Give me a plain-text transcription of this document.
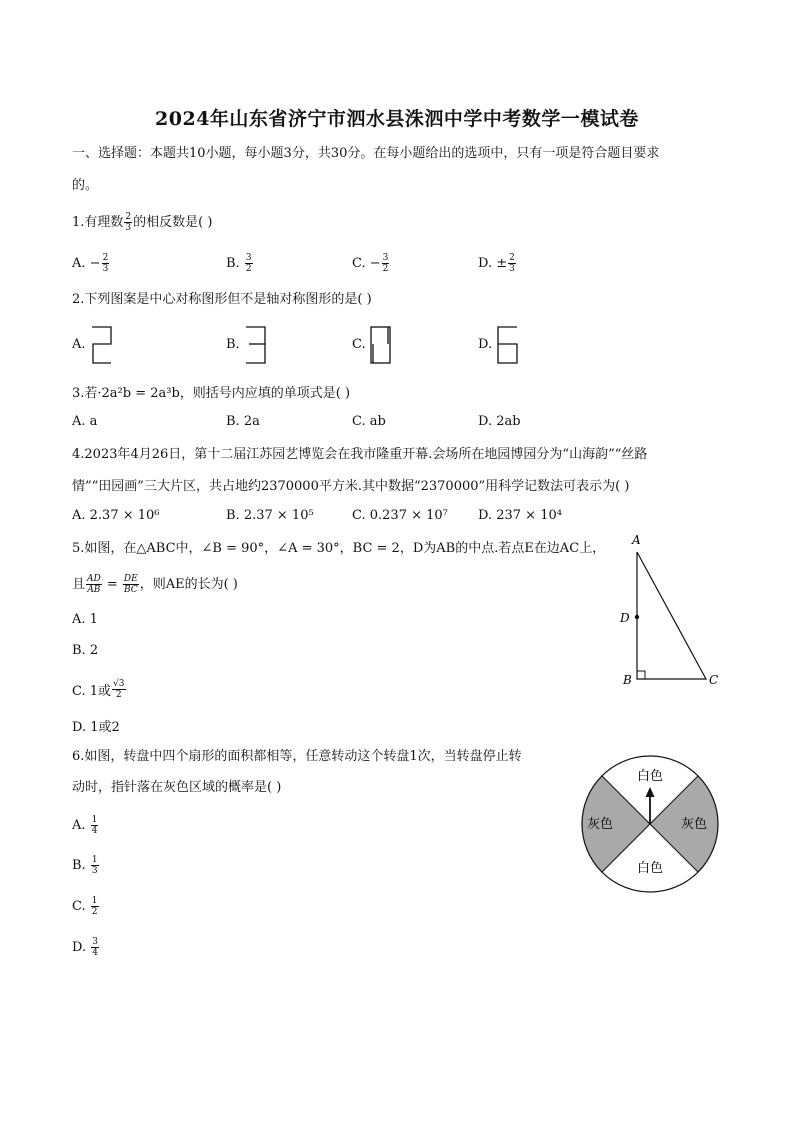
2024年山东省济宁市泗水县洙泗中学中考数学一模试卷
一、选择题：本题共10小题，每小题3分，共30分。在每小题给出的选项中，只有一项是符合题目要求
的。
1.有理数 $\frac{2}{3}$ 的相反数是( )
A.
− $\frac{2}{3}$	B.
$\frac{3}{2}$	C.
− $\frac{3}{2}$	D.
± $\frac{2}{3}$
2.下列图案是中心对称图形但不是轴对称图形的是( )
A.	B.	C.	D.
3.若·2a²b = 2a³b，则括号内应填的单项式是( )
A. a	B. 2a	C. ab	D. 2ab
4.2023年4月26日，第十二届江苏园艺博览会在我市隆重开幕.会场所在地园博园分为“山海韵”“丝路
情”“田园画”三大片区，共占地约2370000平方米.其中数据“2370000”用科学记数法可表示为( )
A. 2.37 × 10⁶	B. 2.37 × 10⁵	C. 0.237 × 10⁷ D. 237 × 10⁴
5.如图，在△ABC中，∠B = 90°，∠A = 30°，BC = 2，D为AB的中点.若点E在边AC上，
且 $\frac{AD}{AB} = \frac{DE}{BC}$ ，则AE的长为( )
A. 1
B. 2
C. 1或 $\frac{√3}{2}$
D. 1或2
A
D
B	C
6.如图，转盘中四个扇形的面积都相等，任意转动这个转盘1次，当转盘停止转
动时，指针落在灰色区域的概率是( )
A.
$\frac{1}{4}$
B.
$\frac{1}{3}$
C.
$\frac{1}{2}$
D.
$\frac{3}{4}$
白色
白色
灰色	灰色
